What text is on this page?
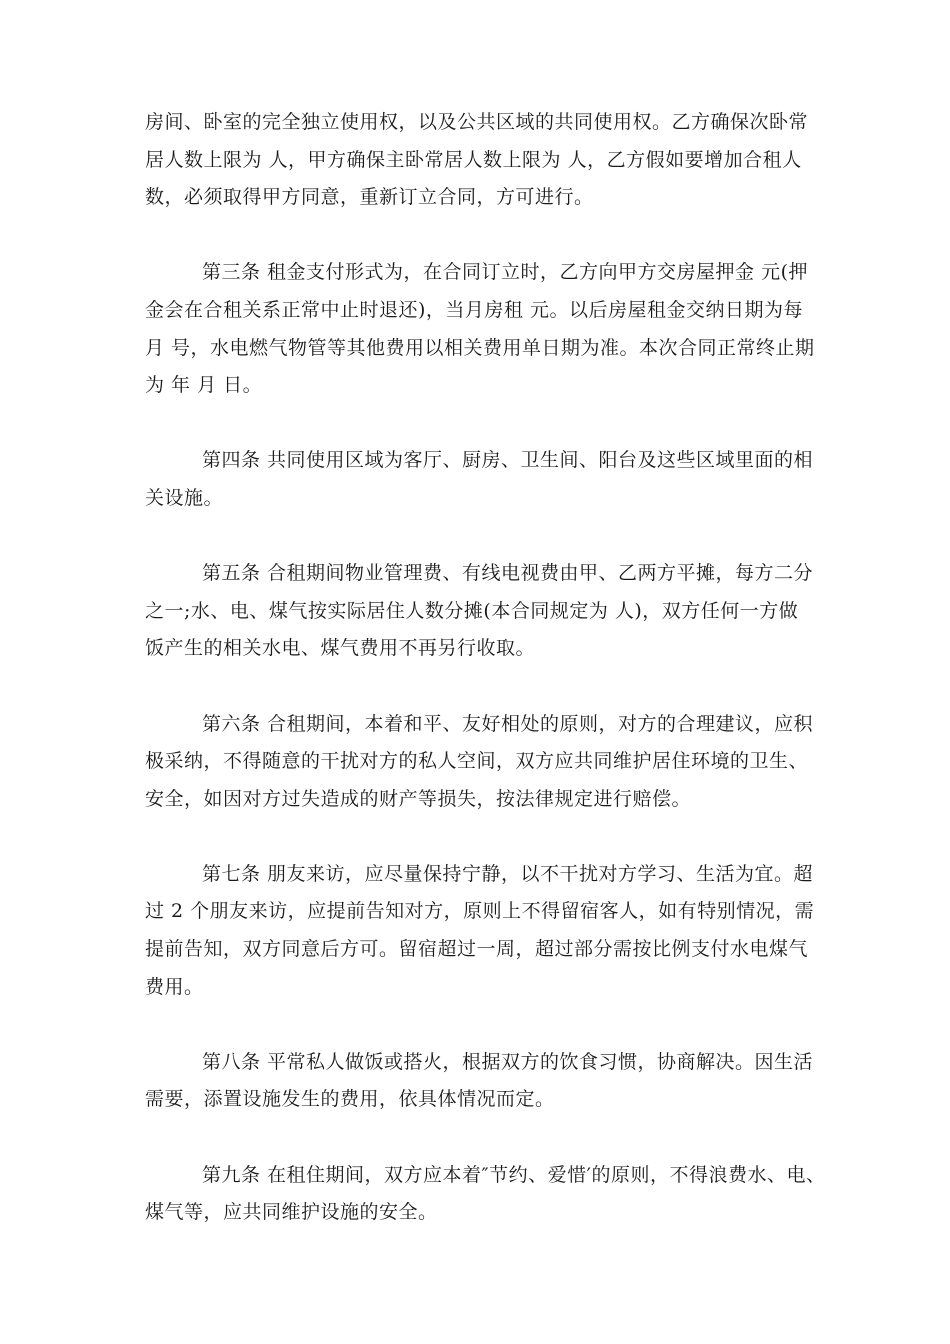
房间、卧室的完全独立使用权，以及公共区域的共同使用权。乙方确保次卧常
居人数上限为 人，甲方确保主卧常居人数上限为 人，乙方假如要增加合租人
数，必须取得甲方同意，重新订立合同，方可进行。
第三条 租金支付形式为，在合同订立时，乙方向甲方交房屋押金 元(押
金会在合租关系正常中止时退还)，当月房租 元。以后房屋租金交纳日期为每
月 号，水电燃气物管等其他费用以相关费用单日期为准。本次合同正常终止期
为 年 月 日。
第四条 共同使用区域为客厅、厨房、卫生间、阳台及这些区域里面的相
关设施。
第五条 合租期间物业管理费、有线电视费由甲、乙两方平摊，每方二分
之一;水、电、煤气按实际居住人数分摊(本合同规定为 人)，双方任何一方做
饭产生的相关水电、煤气费用不再另行收取。
第六条 合租期间，本着和平、友好相处的原则，对方的合理建议，应积
极采纳，不得随意的干扰对方的私人空间，双方应共同维护居住环境的卫生、
安全，如因对方过失造成的财产等损失，按法律规定进行赔偿。
第七条 朋友来访，应尽量保持宁静，以不干扰对方学习、生活为宜。超
过 2 个朋友来访，应提前告知对方，原则上不得留宿客人，如有特别情况，需
提前告知，双方同意后方可。留宿超过一周，超过部分需按比例支付水电煤气
费用。
第八条 平常私人做饭或搭火，根据双方的饮食习惯，协商解决。因生活
需要，添置设施发生的费用，依具体情况而定。
第九条 在租住期间，双方应本着″节约、爱惜′的原则，不得浪费水、电、
煤气等，应共同维护设施的安全。
